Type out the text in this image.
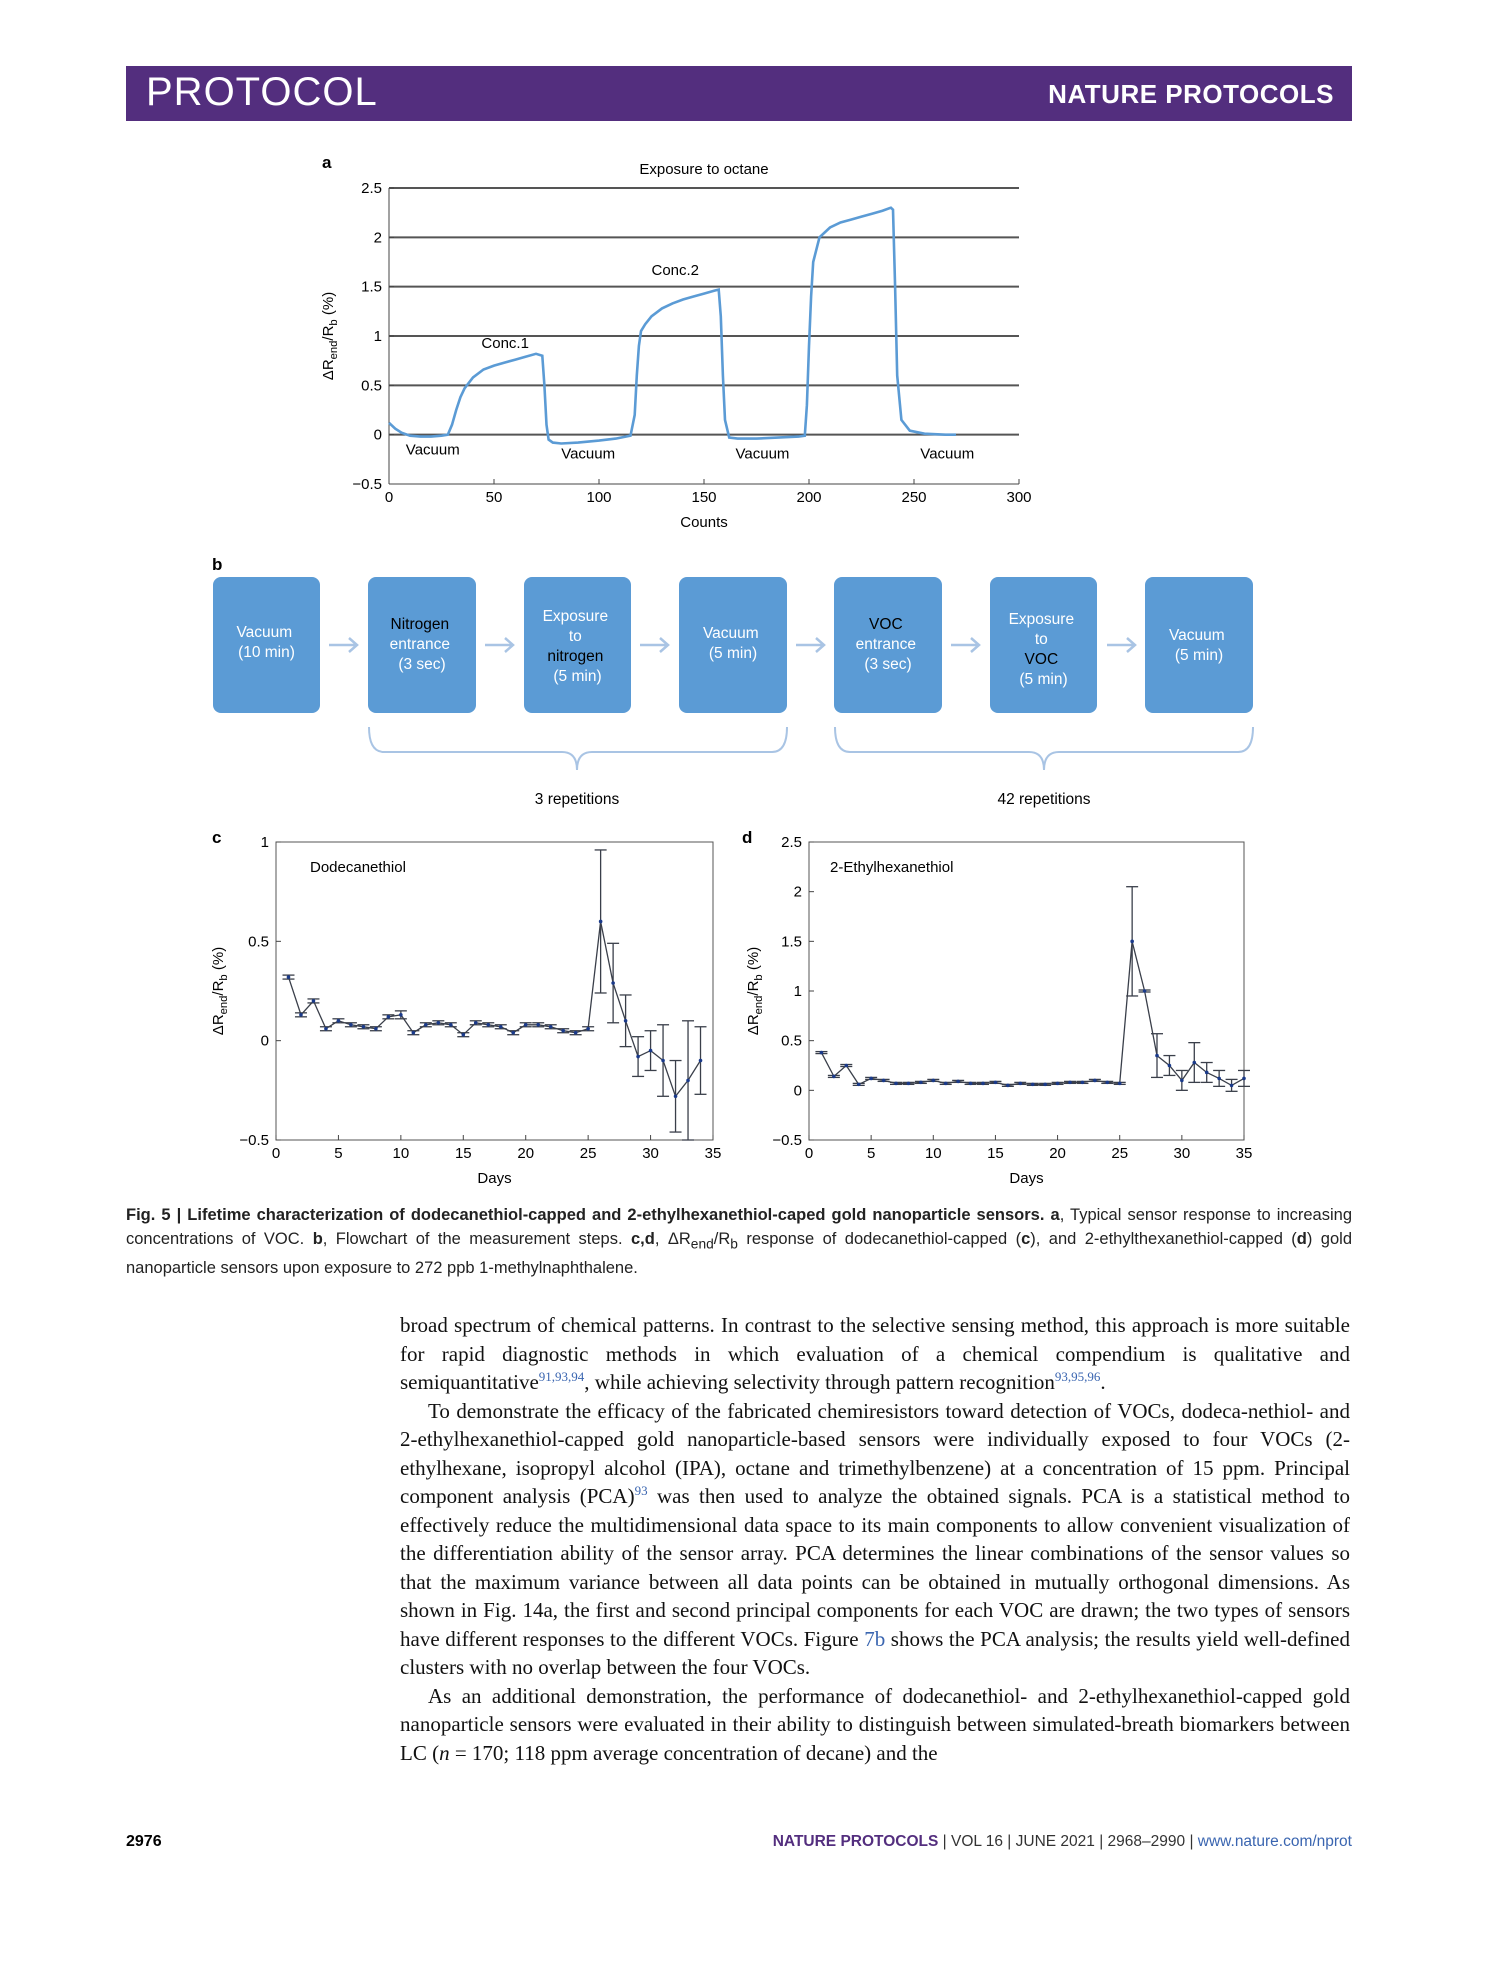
PROTOCOL	NATURE PROTOCOLS
a
b
c	d
−0.5
0
0.5
1
1.5
2
2.5
0	50	100	150	200	250	300
Counts
$\Delta R_{end}/R_b$ (%)
Exposure to octane
Conc.1
Conc.2
Vacuum	Vacuum	Vacuum	Vacuum
Vacuum (10 min)
Nitrogen entrance (3 sec)
Exposure to nitrogen (5 min)
Vacuum (5 min)
VOC entrance (3 sec)
Exposure to VOC (5 min)
Vacuum (5 min)
3 repetitions	42 repetitions
−0.5
0
0.5
1
0	5	10	15	20	25	30	35
Days
$\Delta R_{end}/R_b$ (%)
Dodecanethiol
−0.5
0
0.5
1
1.5
2
2.5
0	5	10	15	20	25	30	35
Days
$\Delta R_{end}/R_b$ (%)
2-Ethylhexanethiol
Fig. 5 | Lifetime characterization of dodecanethiol-capped and 2-ethylhexanethiol-caped gold nanoparticle sensors. a, Typical sensor response to increasing concentrations of VOC. b, Flowchart of the measurement steps. c,d, $\Delta R_{end}/R_b$ response of dodecanethiol-capped (c), and 2-ethylthexanethiol-capped (d) gold nanoparticle sensors upon exposure to 272 ppb 1-methylnaphthalene.

broad spectrum of chemical patterns. In contrast to the selective sensing method, this approach is more suitable for rapid diagnostic methods in which evaluation of a chemical compendium is qualitative and semiquantitative$^{91,93,94}$, while achieving selectivity through pattern recognition$^{93,95,96}$.

To demonstrate the efficacy of the fabricated chemiresistors toward detection of VOCs, dodeca-nethiol- and 2-ethylhexanethiol-capped gold nanoparticle-based sensors were individually exposed to four VOCs (2-ethylhexane, isopropyl alcohol (IPA), octane and trimethylbenzene) at a concentration of 15 ppm. Principal component analysis (PCA)$^{93}$ was then used to analyze the obtained signals. PCA is a statistical method to effectively reduce the multidimensional data space to its main components to allow convenient visualization of the differentiation ability of the sensor array. PCA determines the linear combinations of the sensor values so that the maximum variance between all data points can be obtained in mutually orthogonal dimensions. As shown in Fig. 14a, the first and second principal components for each VOC are drawn; the two types of sensors have different responses to the different VOCs. Figure 7b shows the PCA analysis; the results yield well-defined clusters with no overlap between the four VOCs.

As an additional demonstration, the performance of dodecanethiol- and 2-ethylhexanethiol-capped gold nanoparticle sensors were evaluated in their ability to distinguish between simulated-breath biomarkers between LC (n = 170; 118 ppm average concentration of decane) and the

2976	NATURE PROTOCOLS | VOL 16 | JUNE 2021 | 2968–2990 | www.nature.com/nprot
